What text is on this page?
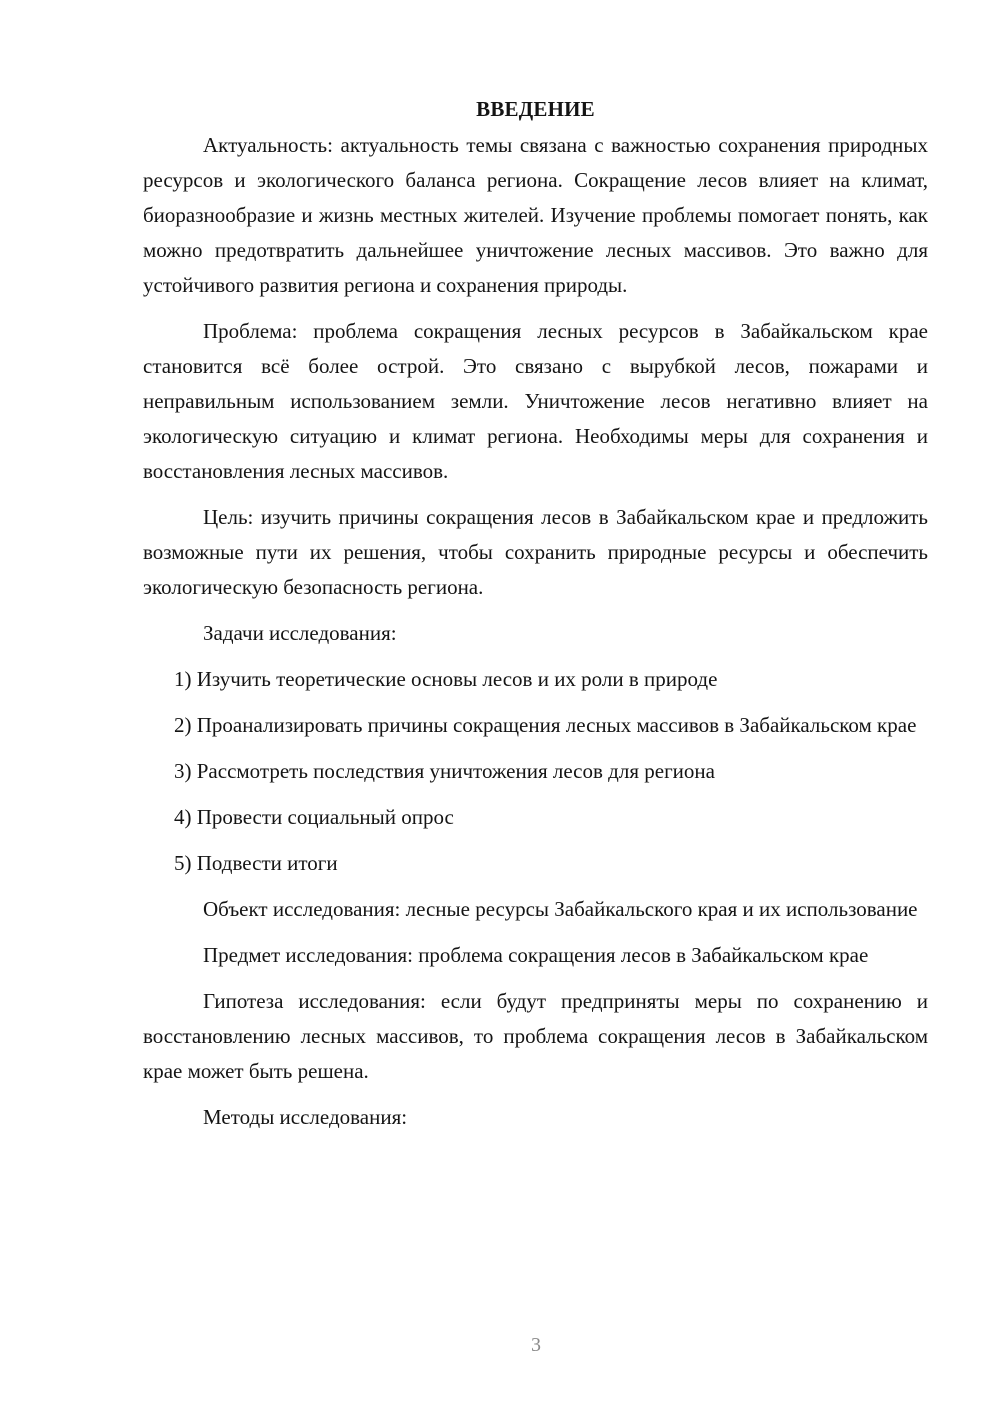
ВВЕДЕНИЕ

Актуальность: актуальность темы связана с важностью сохранения природных ресурсов и экологического баланса региона. Сокращение лесов влияет на климат, биоразнообразие и жизнь местных жителей. Изучение проблемы помогает понять, как можно предотвратить дальнейшее уничтожение лесных массивов. Это важно для устойчивого развития региона и сохранения природы.

Проблема: проблема сокращения лесных ресурсов в Забайкальском крае становится всё более острой. Это связано с вырубкой лесов, пожарами и неправильным использованием земли. Уничтожение лесов негативно влияет на экологическую ситуацию и климат региона. Необходимы меры для сохранения и восстановления лесных массивов.

Цель: изучить причины сокращения лесов в Забайкальском крае и предложить возможные пути их решения, чтобы сохранить природные ресурсы и обеспечить экологическую безопасность региона.

Задачи исследования:

1) Изучить теоретические основы лесов и их роли в природе

2) Проанализировать причины сокращения лесных массивов в Забайкальском крае

3) Рассмотреть последствия уничтожения лесов для региона

4) Провести социальный опрос

5) Подвести итоги

Объект исследования: лесные ресурсы Забайкальского края и их использование

Предмет исследования: проблема сокращения лесов в Забайкальском крае

Гипотеза исследования: если будут предприняты меры по сохранению и восстановлению лесных массивов, то проблема сокращения лесов в Забайкальском крае может быть решена.

Методы исследования:

3
